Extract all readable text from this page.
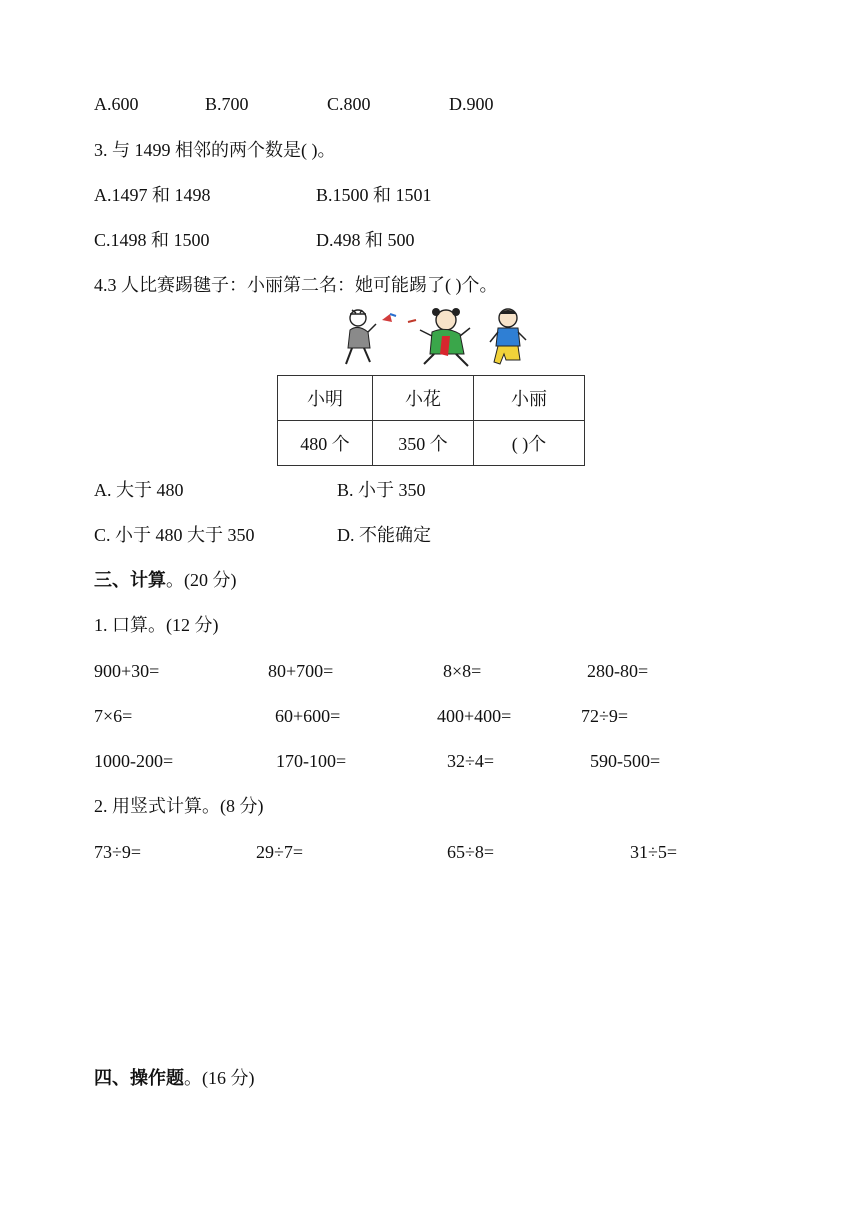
A.600	B.700	C.800	D.900
3. 与 1499 相邻的两个数是( )。
A.1497 和 1498	B.1500 和 1501
C.1498 和 1500	D.498 和 500
4.3 人比赛踢毽子：小丽第二名：她可能踢了( )个。
小明	小花	小丽
480 个	350 个	( )个
A. 大于 480	B. 小于 350
C. 小于 480 大于 350	D. 不能确定
三、计算。(20 分)
1. 口算。(12 分)
900+30=	80+700=	8×8=	280-80=
7×6=	60+600=	400+400=	72÷9=
1000-200=	170-100=	32÷4=	590-500=
2. 用竖式计算。(8 分)
73÷9=	29÷7=	65÷8=	31÷5=
四、操作题。(16 分)
